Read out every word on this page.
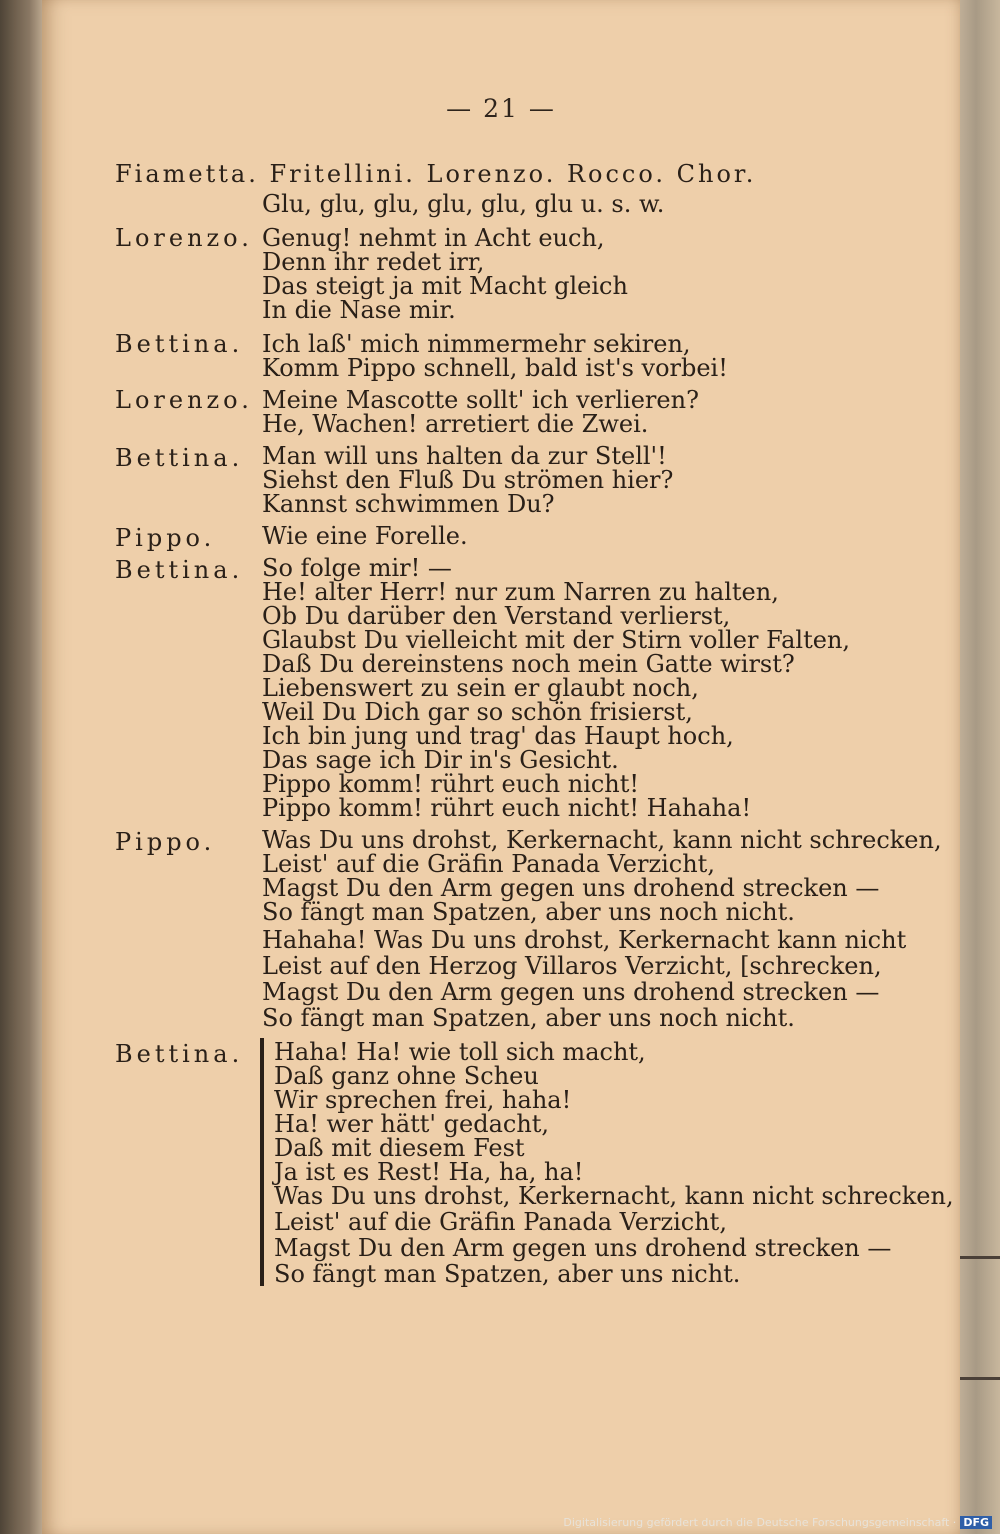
— 21 —
Fiametta. Fritellini. Lorenzo. Rocco. Chor.
Glu, glu, glu, glu, glu, glu u. s. w.
Lorenzo. Genug! nehmt in Acht euch,
Denn ihr redet irr,
Das steigt ja mit Macht gleich
In die Nase mir.
Bettina. Ich laß' mich nimmermehr sekiren,
Komm Pippo schnell, bald ist's vorbei!
Lorenzo. Meine Mascotte sollt' ich verlieren?
He, Wachen! arretiert die Zwei.
Bettina. Man will uns halten da zur Stell'!
Siehst den Fluß Du strömen hier?
Kannst schwimmen Du?
Pippo. Wie eine Forelle.
Bettina. So folge mir! —
He! alter Herr! nur zum Narren zu halten,
Ob Du darüber den Verstand verlierst,
Glaubst Du vielleicht mit der Stirn voller Falten,
Daß Du dereinstens noch mein Gatte wirst?
Liebenswert zu sein er glaubt noch,
Weil Du Dich gar so schön frisierst,
Ich bin jung und trag' das Haupt hoch,
Das sage ich Dir in's Gesicht.
Pippo komm! rührt euch nicht!
Pippo komm! rührt euch nicht! Hahaha!
Pippo. Was Du uns drohst, Kerkernacht, kann nicht schrecken,
Leist' auf die Gräfin Panada Verzicht,
Magst Du den Arm gegen uns drohend strecken —
So fängt man Spatzen, aber uns noch nicht.
Hahaha! Was Du uns drohst, Kerkernacht kann nicht
Leist auf den Herzog Villaros Verzicht, [schrecken,
Magst Du den Arm gegen uns drohend strecken —
So fängt man Spatzen, aber uns noch nicht.
Bettina. Haha! Ha! wie toll sich macht,
Daß ganz ohne Scheu
Wir sprechen frei, haha!
Ha! wer hätt' gedacht,
Daß mit diesem Fest
Ja ist es Rest! Ha, ha, ha!
Was Du uns drohst, Kerkernacht, kann nicht schrecken,
Leist' auf die Gräfin Panada Verzicht,
Magst Du den Arm gegen uns drohend strecken —
So fängt man Spatzen, aber uns nicht.
Digitalisierung gefördert durch die Deutsche Forschungsgemeinschaft · DFG
